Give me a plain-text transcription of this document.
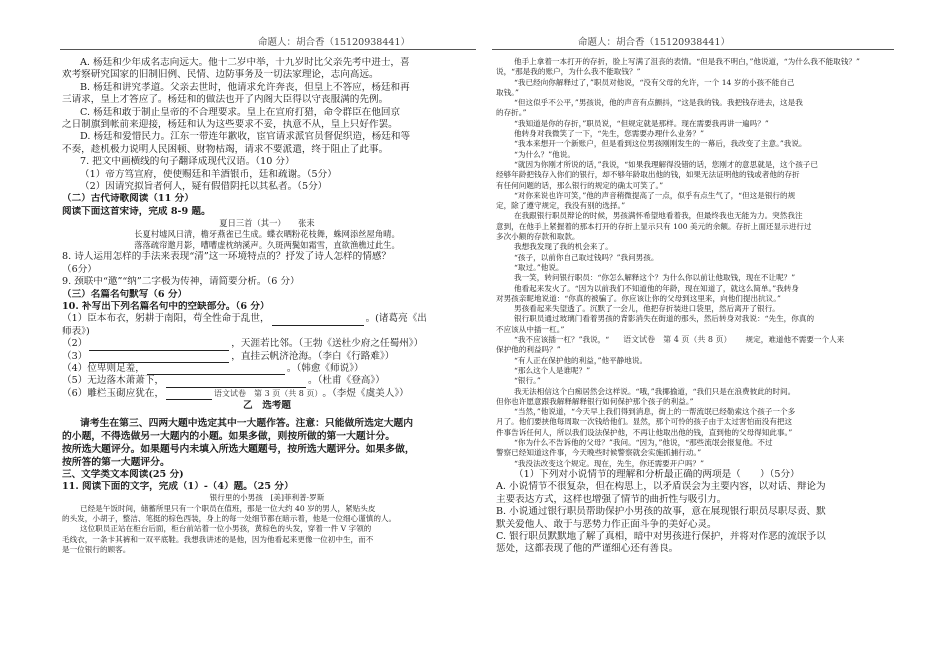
命题人：胡合香（15120938441）	命题人：胡合香（15120938441）

A. 杨廷和少年成名志向远大。他十二岁中举，十九岁时比父亲先考中进士，喜

欢考察研究国家的旧制旧例、民情、边防事务及一切法家理论，志向高远。

B. 杨廷和讲究孝道。父亲去世时，他请求允许奔丧，但皇上不答应，杨廷和再

三请求，皇上才答应了。杨廷和的做法也开了内阁大臣得以守丧服满的先例。

C. 杨廷和敢于制止皇帝的不合理要求。皇上在宣府打猎，命令群臣在他回京

之日制旗到帐前来迎接，杨廷和认为这些要求不妥，执意不从，皇上只好作罢。

D. 杨廷和爱惜民力。江东一带连年歉收，宦官请求派官员督促织造，杨廷和等

不奏，趁机极力说明人民困顿、财物枯竭，请求不要派遣，终于阻止了此事。

7. 把文中画横线的句子翻译成现代汉语。（10 分）

（1）帝方笃宣府，使使赐廷和羊酒银币，廷和疏谢。（5分）

（2）因请究拟旨者何人，疑有假借阴托以其私者。（5分）

（二）古代诗歌阅读（11 分）

阅读下面这首宋诗，完成 8-9 题。

夏日三首（其一）　　张耒

长夏村墟风日清，檐牙燕雀已生成。蝶衣晒粉花枝舞，蛛网添丝屋角晴。

落落疏帘邀月影，嘈嘈虚枕纳溪声。久斑两鬓如霜雪，直欲渔樵过此生。

8. 诗人运用怎样的手法来表现“清”这一环境特点的？抒发了诗人怎样的情感？

（6分）

9. 颈联中“邀”“纳”二字极为传神，请简要分析。（6 分）

（三）名篇名句默写（6 分）

10. 补写出下列名篇名句中的空缺部分。（6 分）

（1）臣本布衣，躬耕于南阳，苟全性命于乱世，	。(诸葛亮《出

师表》)

（2）	，天涯若比邻。（王勃《送杜少府之任蜀州》）
（3）	，直挂云帆济沧海。（李白《行路难》）
（4）位卑则足羞，	。（韩愈《师说》）
（5）无边落木萧萧下，	。（杜甫《登高》）
（6）雕栏玉砌应犹在，	语文试卷　第 3 页（共 8 页） 。（李煜《虞美人》）

乙　选考题

请考生在第三、四两大题中选定其中一大题作答。注意：只能做所选定大题内

的小题，不得选做另一大题内的小题。如果多做，则按所做的第一大题计分。

按所选大题评分。如果题号内未填入所选大题题号，按所选大题评分。如果多做，

按所答的第一大题评分。

三、文学类文本阅读(25 分)

11. 阅读下面的文字，完成（1）-（4）题。（25 分）

银行里的小男孩　[美]菲利普·罗斯

已经是午饭时间，储蓄所里只有一个职员在值班，那是一位大约 40 岁的男人，紧贴头皮

的头发，小胡子，整洁、笔挺的棕色西装，身上的每一处细节都在暗示着，他是一位细心谨慎的人。

这位职员正站在柜台后面，柜台前站着一位小男孩，黄棕色的头发，穿着一件 V 字领的

毛线衣，一条卡其裤和一双平底鞋。我想我讲述的是他，因为他看起来更像一位初中生，而不

是一位银行的顾客。

他手上拿着一本打开的存折，脸上写满了沮丧的表情。“但是我不明白，”他说道，“为什么我不能取钱？”

说，“那是我的账户，为什么我不能取钱？”

“我已经向你解释过了，”职员对他说，“没有父母的允许，一个 14 岁的小孩不能自己

取钱。”

“但这似乎不公平，”男孩说，他的声音有点颤抖，“这是我的钱。我把钱存进去，这是我

的存折。”

“我知道是你的存折，”职员说，“但规定就是那样。现在需要我再讲一遍吗？”

他转身对我微笑了一下，“先生，您需要办理什么业务？”

“我本来想开一个新账户，但是看到这位男孩刚刚发生的一幕后，我改变了主意。”我说。

“为什么？”他说。

“就因为你刚才所说的话，”我说，“如果我理解得没错的话，您刚才的意思就是，这个孩子已

经够年龄把钱存入你们的银行，却不够年龄取出他的钱，如果无法证明他的钱或者他的存折

有任何问题的话，那么银行的规定的确太可笑了。”

“对你来说也许可笑，”他的声音稍微提高了一点，似乎有点生气了，“但这是银行的规

定，除了遵守规定，我没有别的选择。”

在我跟银行职员辩论的时候，男孩满怀希望地看着我，但最终我也无能为力。突然我注

意到，在他手上紧握着的那本打开的存折上显示只有 100 美元的余额。存折上面还显示进行过

多次小额的存款和取款。

我想我发现了我的机会来了。

“孩子，以前你自己取过钱吗？”我问男孩。

“取过。”他说。

我一笑，转问银行职员：“你怎么解释这个？为什么你以前让他取钱，现在不让呢？”

他看起来发火了。“因为以前我们不知道他的年龄，现在知道了，就这么简单。”我转身

对男孩亲昵地说道：“你真的被骗了。你应该让你的父母到这里来，向他们提出抗议。”

男孩看起来失望透了。沉默了一会儿，他把存折装进口袋里，然后离开了银行。

银行职员通过玻璃门看着男孩的背影消失在街道的那头，然后转身对我说：“先生，你真的

不应该从中插一杠。”

“我不应该插一杠？”我说，“ 语文试卷　第 4 页（共 8 页） 规定，难道他不需要一个人来

保护他的利益吗？”

“有人正在保护他的利益，”他平静地说。

“那么这个人是谁呢？”

“银行。”

我无法相信这个白痴居然会这样说。“哦，”我揶揄道，“我们只是在浪费彼此的时间。

但你也许愿意跟我解释解释银行如何保护那个孩子的利益。”

“当然，”他说道，“今天早上我们得到消息，街上的一帮流氓已经勒索这个孩子一个多

月了。他们要挟他每周取一次钱给他们。显然，那个可怜的孩子由于太过害怕而没有把这

件事告诉任何人，所以我们设法保护他，不再让他取出他的钱，直到他的父母得知此事。”

“你为什么不告诉他的父母？”我问。“因为，”他说，“那些流氓会报复他。不过

警察已经知道这件事，今天晚些时候警察就会实施抓捕行动。”

“我没法改变这个规定。现在，先生，你还需要开户吗？”

（1）下列对小说情节的理解和分析最正确的两项是（　　）（5分）

A. 小说情节不很复杂，但在构思上，以矛盾误会为主要内容，以对话、辩论为

主要表达方式，这样也增强了情节的曲折性与吸引力。

B. 小说通过银行职员帮助保护小男孩的故事，意在展现银行职员尽职尽责、默

默关爱他人、敢于与恶势力作正面斗争的美好心灵。

C. 银行职员默默地了解了真相，暗中对男孩进行保护，并将对作恶的流氓予以

惩处，这都表现了他的严谨细心还有善良。
